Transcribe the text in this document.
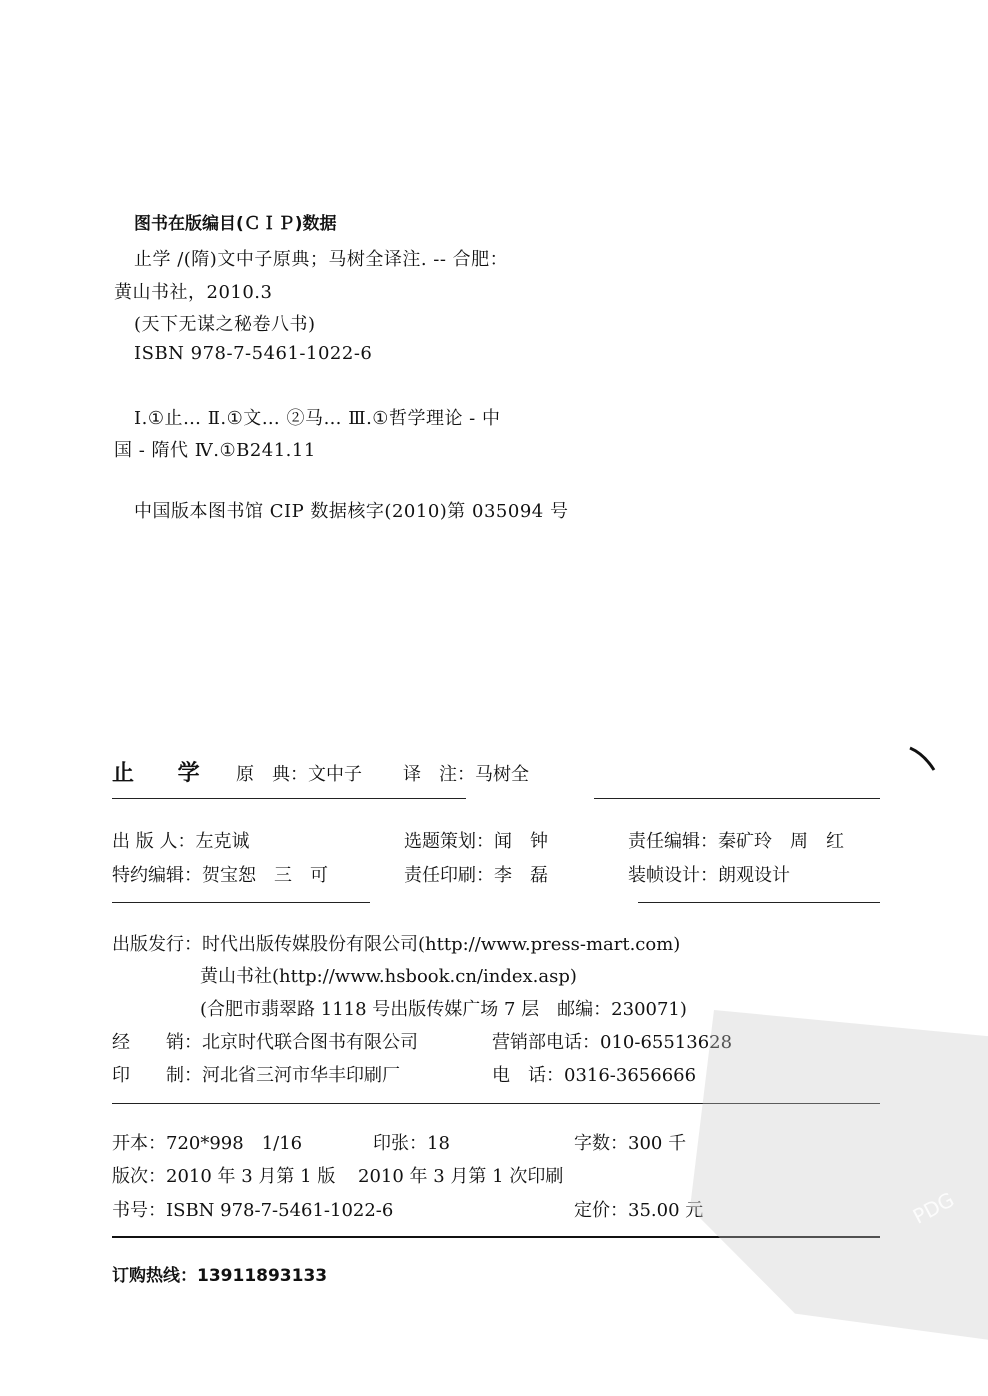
图书在版编目(ＣＩＰ)数据
止学 /(隋)文中子原典；马树全译注. -- 合肥：
黄山书社，2010.3
(天下无谋之秘卷八书)
ISBN 978-7-5461-1022-6
Ⅰ.①止… Ⅱ.①文… ②马… Ⅲ.①哲学理论 - 中
国 - 隋代 Ⅳ.①B241.11
中国版本图书馆 CIP 数据核字(2010)第 035094 号
止 学 原　典：文中子 译　注：马树全
出 版 人：左克诚	选题策划：闻　钟	责任编辑：秦矿玲　周　红
特约编辑：贺宝恕　三　可	责任印刷：李　磊	装帧设计：朗观设计
出版发行：时代出版传媒股份有限公司(http://www.press-mart.com)
黄山书社(http://www.hsbook.cn/index.asp)
(合肥市翡翠路 1118 号出版传媒广场 7 层　邮编：230071)
经　　销：北京时代联合图书有限公司	营销部电话：010-65513628
印　　制：河北省三河市华丰印刷厂	电　话：0316-3656666
开本：720*998　1/16	印张：18	字数：300 千
版次：2010 年 3 月第 1 版 2010 年 3 月第 1 次印刷
书号：ISBN 978-7-5461-1022-6	定价：35.00 元
订购热线：13911893133
PDG
